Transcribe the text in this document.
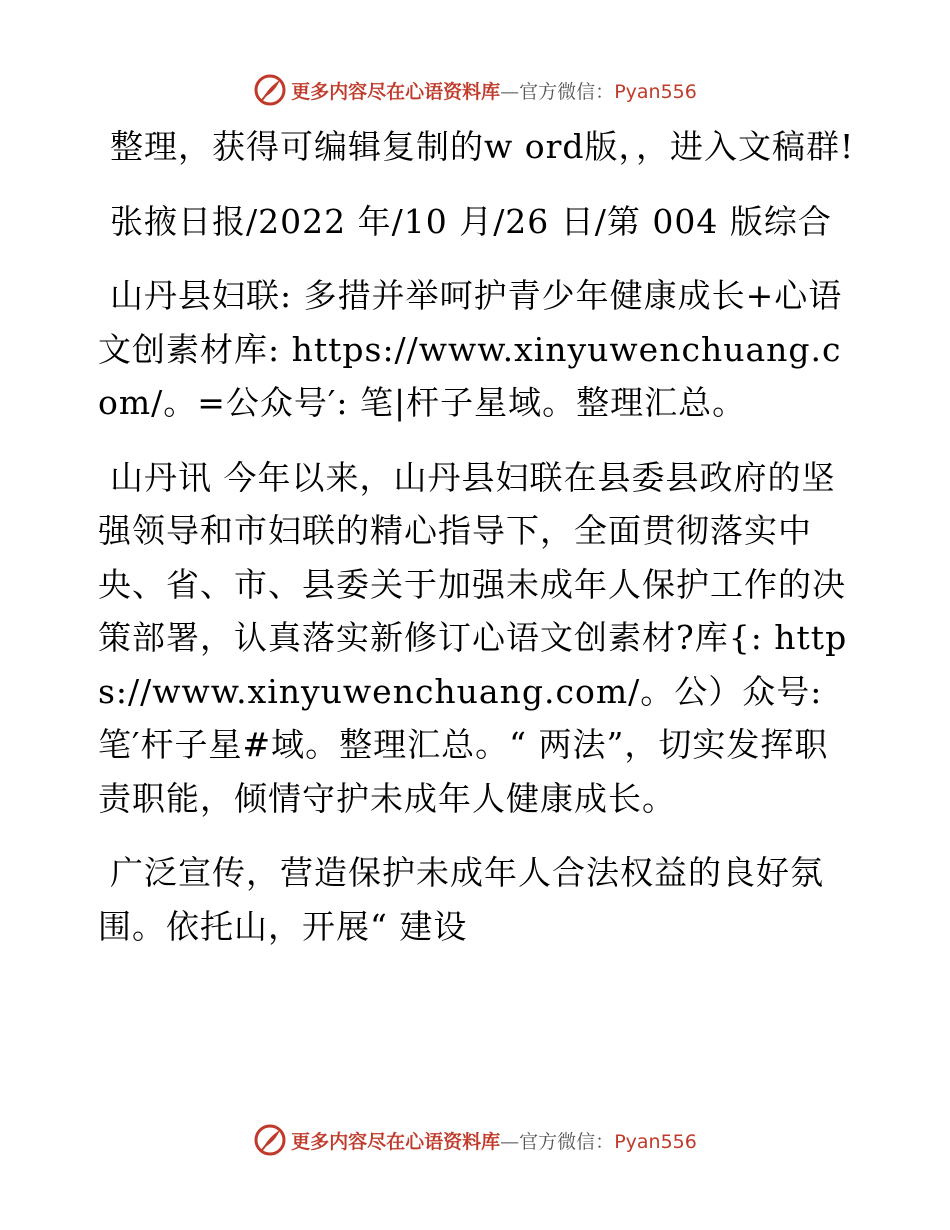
更多内容尽在心语资料库—官方微信：Pyan556

整理，获得可编辑复制的w ord版，，进入文稿群!

张掖日报/2022 年/10 月/26 日/第 004 版综合

山丹县妇联: 多措并举呵护青少年健康成长+心语文创素材库: https://www.xinyuwenchuang.com/。=公众号′: 笔|杆子星域。整理汇总。

山丹讯 今年以来，山丹县妇联在县委县政府的坚强领导和市妇联的精心指导下，全面贯彻落实中央、省、市、县委关于加强未成年人保护工作的决策部署，认真落实新修订心语文创素材?库{: https://www.xinyuwenchuang.com/。公）众号: 笔′杆子星#域。整理汇总。“ 两法”，切实发挥职责职能，倾情守护未成年人健康成长。

广泛宣传，营造保护未成年人合法权益的良好氛围。依托山，开展“ 建设

更多内容尽在心语资料库—官方微信：Pyan556
